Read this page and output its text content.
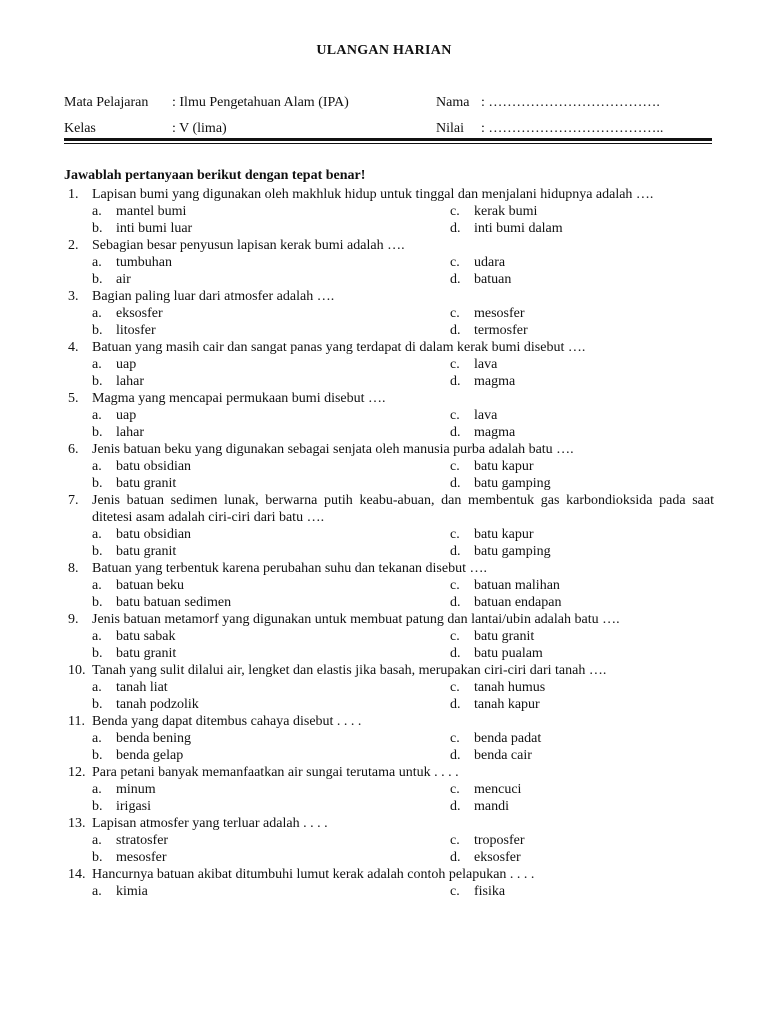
ULANGAN HARIAN
Mata Pelajaran : Ilmu Pengetahuan Alam (IPA)	Nama : ……………………………….
Kelas	: V (lima)	Nilai : ………………………………..
Jawablah pertanyaan berikut dengan tepat benar!
1. Lapisan bumi yang digunakan oleh makhluk hidup untuk tinggal dan menjalani hidupnya adalah ….
a. mantel bumi	c. kerak bumi
b. inti bumi luar	d. inti bumi dalam
2. Sebagian besar penyusun lapisan kerak bumi adalah ….
a. tumbuhan	c. udara
b. air	d. batuan
3. Bagian paling luar dari atmosfer adalah ….
a. eksosfer	c. mesosfer
b. litosfer	d. termosfer
4. Batuan yang masih cair dan sangat panas yang terdapat di dalam kerak bumi disebut ….
a. uap	c. lava
b. lahar	d. magma
5. Magma yang mencapai permukaan bumi disebut ….
a. uap	c. lava
b. lahar	d. magma
6. Jenis batuan beku yang digunakan sebagai senjata oleh manusia purba adalah batu ….
a. batu obsidian	c. batu kapur
b. batu granit	d. batu gamping
7. Jenis batuan sedimen lunak, berwarna putih keabu-abuan, dan membentuk gas karbondioksida pada saat ditetesi asam adalah ciri-ciri dari batu ….
a. batu obsidian	c. batu kapur
b. batu granit	d. batu gamping
8. Batuan yang terbentuk karena perubahan suhu dan tekanan disebut ….
a. batuan beku	c. batuan malihan
b. batu batuan sedimen	d. batuan endapan
9. Jenis batuan metamorf yang digunakan untuk membuat patung dan lantai/ubin adalah batu ….
a. batu sabak	c. batu granit
b. batu granit	d. batu pualam
10. Tanah yang sulit dilalui air, lengket dan elastis jika basah, merupakan ciri-ciri dari tanah ….
a. tanah liat	c. tanah humus
b. tanah podzolik	d. tanah kapur
11. Benda yang dapat ditembus cahaya disebut . . . .
a. benda bening	c. benda padat
b. benda gelap	d. benda cair
12. Para petani banyak memanfaatkan air sungai terutama untuk . . . .
a. minum	c. mencuci
b. irigasi	d. mandi
13. Lapisan atmosfer yang terluar adalah . . . .
a. stratosfer	c. troposfer
b. mesosfer	d. eksosfer
14. Hancurnya batuan akibat ditumbuhi lumut kerak adalah contoh pelapukan . . . .
a. kimia	c. fisika
